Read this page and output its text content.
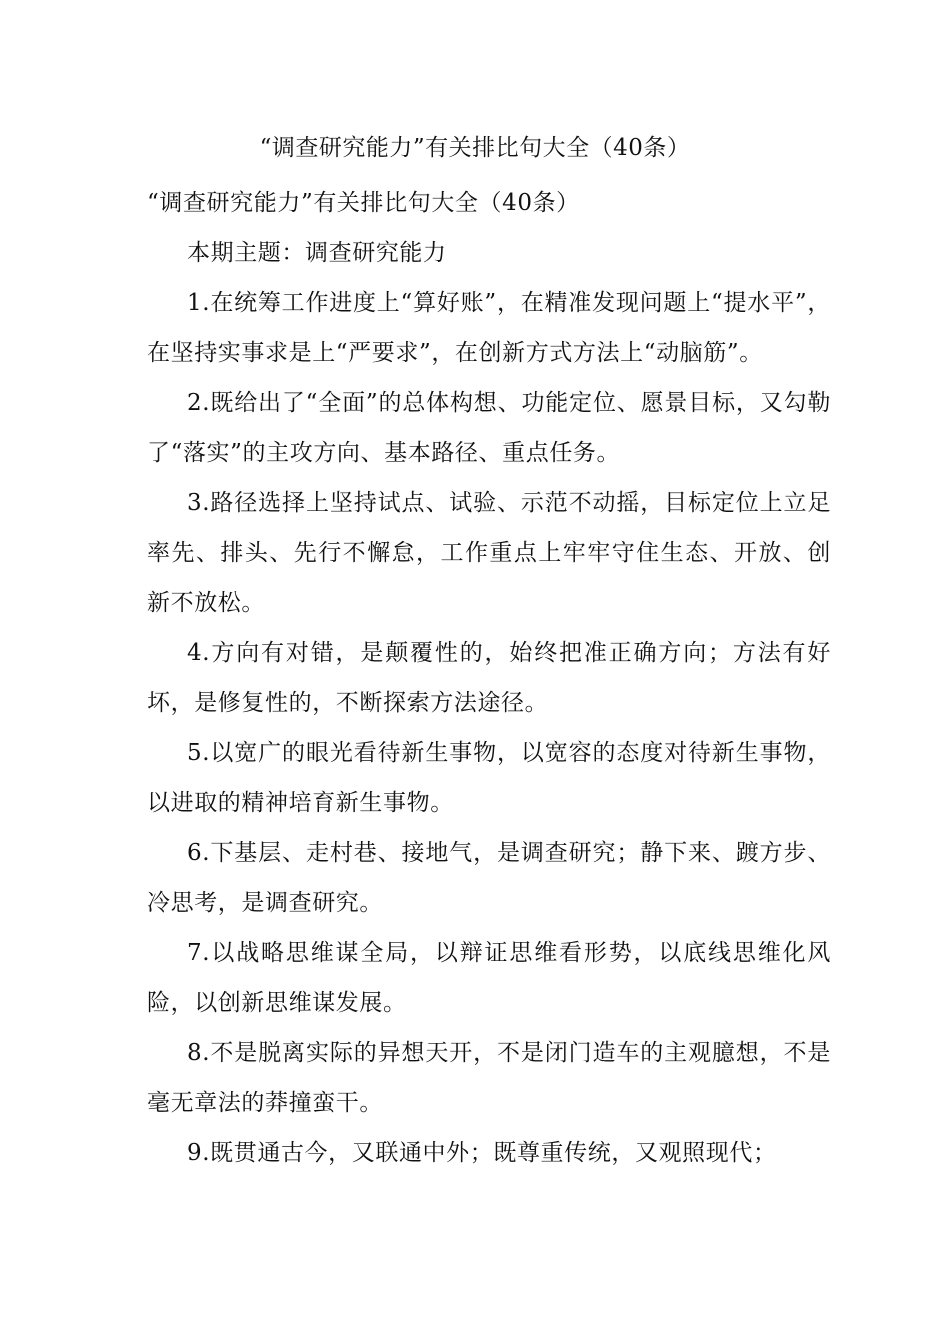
“调查研究能力”有关排比句大全（40条）

“调查研究能力”有关排比句大全（40条）

本期主题：调查研究能力

1.在统筹工作进度上“算好账”，在精准发现问题上“提水平”，在坚持实事求是上“严要求”，在创新方式方法上“动脑筋”。

2.既给出了“全面”的总体构想、功能定位、愿景目标，又勾勒了“落实”的主攻方向、基本路径、重点任务。

3.路径选择上坚持试点、试验、示范不动摇，目标定位上立足率先、排头、先行不懈怠，工作重点上牢牢守住生态、开放、创新不放松。

4.方向有对错，是颠覆性的，始终把准正确方向；方法有好坏，是修复性的，不断探索方法途径。

5.以宽广的眼光看待新生事物，以宽容的态度对待新生事物，以进取的精神培育新生事物。

6.下基层、走村巷、接地气，是调查研究；静下来、踱方步、冷思考，是调查研究。

7.以战略思维谋全局，以辩证思维看形势，以底线思维化风险，以创新思维谋发展。

8.不是脱离实际的异想天开，不是闭门造车的主观臆想，不是毫无章法的莽撞蛮干。

9.既贯通古今，又联通中外；既尊重传统，又观照现代；
